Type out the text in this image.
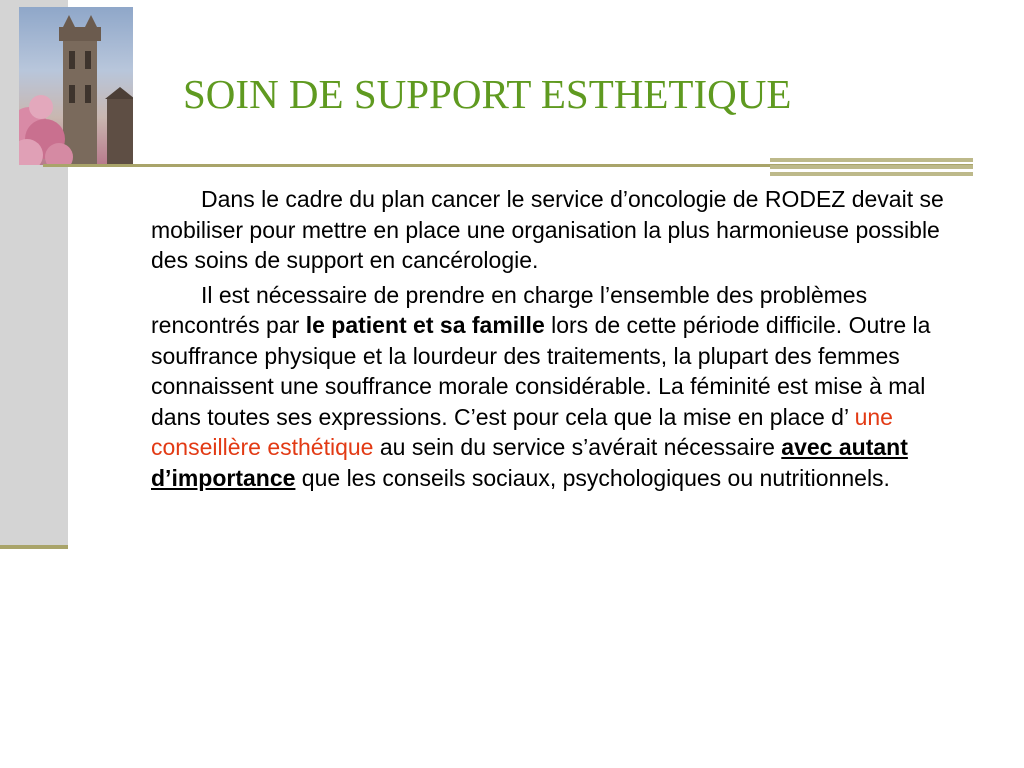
SOIN DE SUPPORT ESTHETIQUE

Dans le cadre du plan cancer le service d’oncologie de RODEZ devait se mobiliser pour mettre en place une organisation la plus harmonieuse possible des soins de support en cancérologie.

Il est nécessaire de prendre en charge l’ensemble des problèmes rencontrés par le patient et sa famille lors de cette période difficile. Outre la souffrance physique et la lourdeur des traitements, la plupart des femmes connaissent une souffrance morale considérable. La féminité est mise à mal dans toutes ses expressions. C’est pour cela que la mise en place d’ une conseillère esthétique au sein du service s’avérait nécessaire avec autant d’importance que les conseils sociaux, psychologiques ou nutritionnels.
